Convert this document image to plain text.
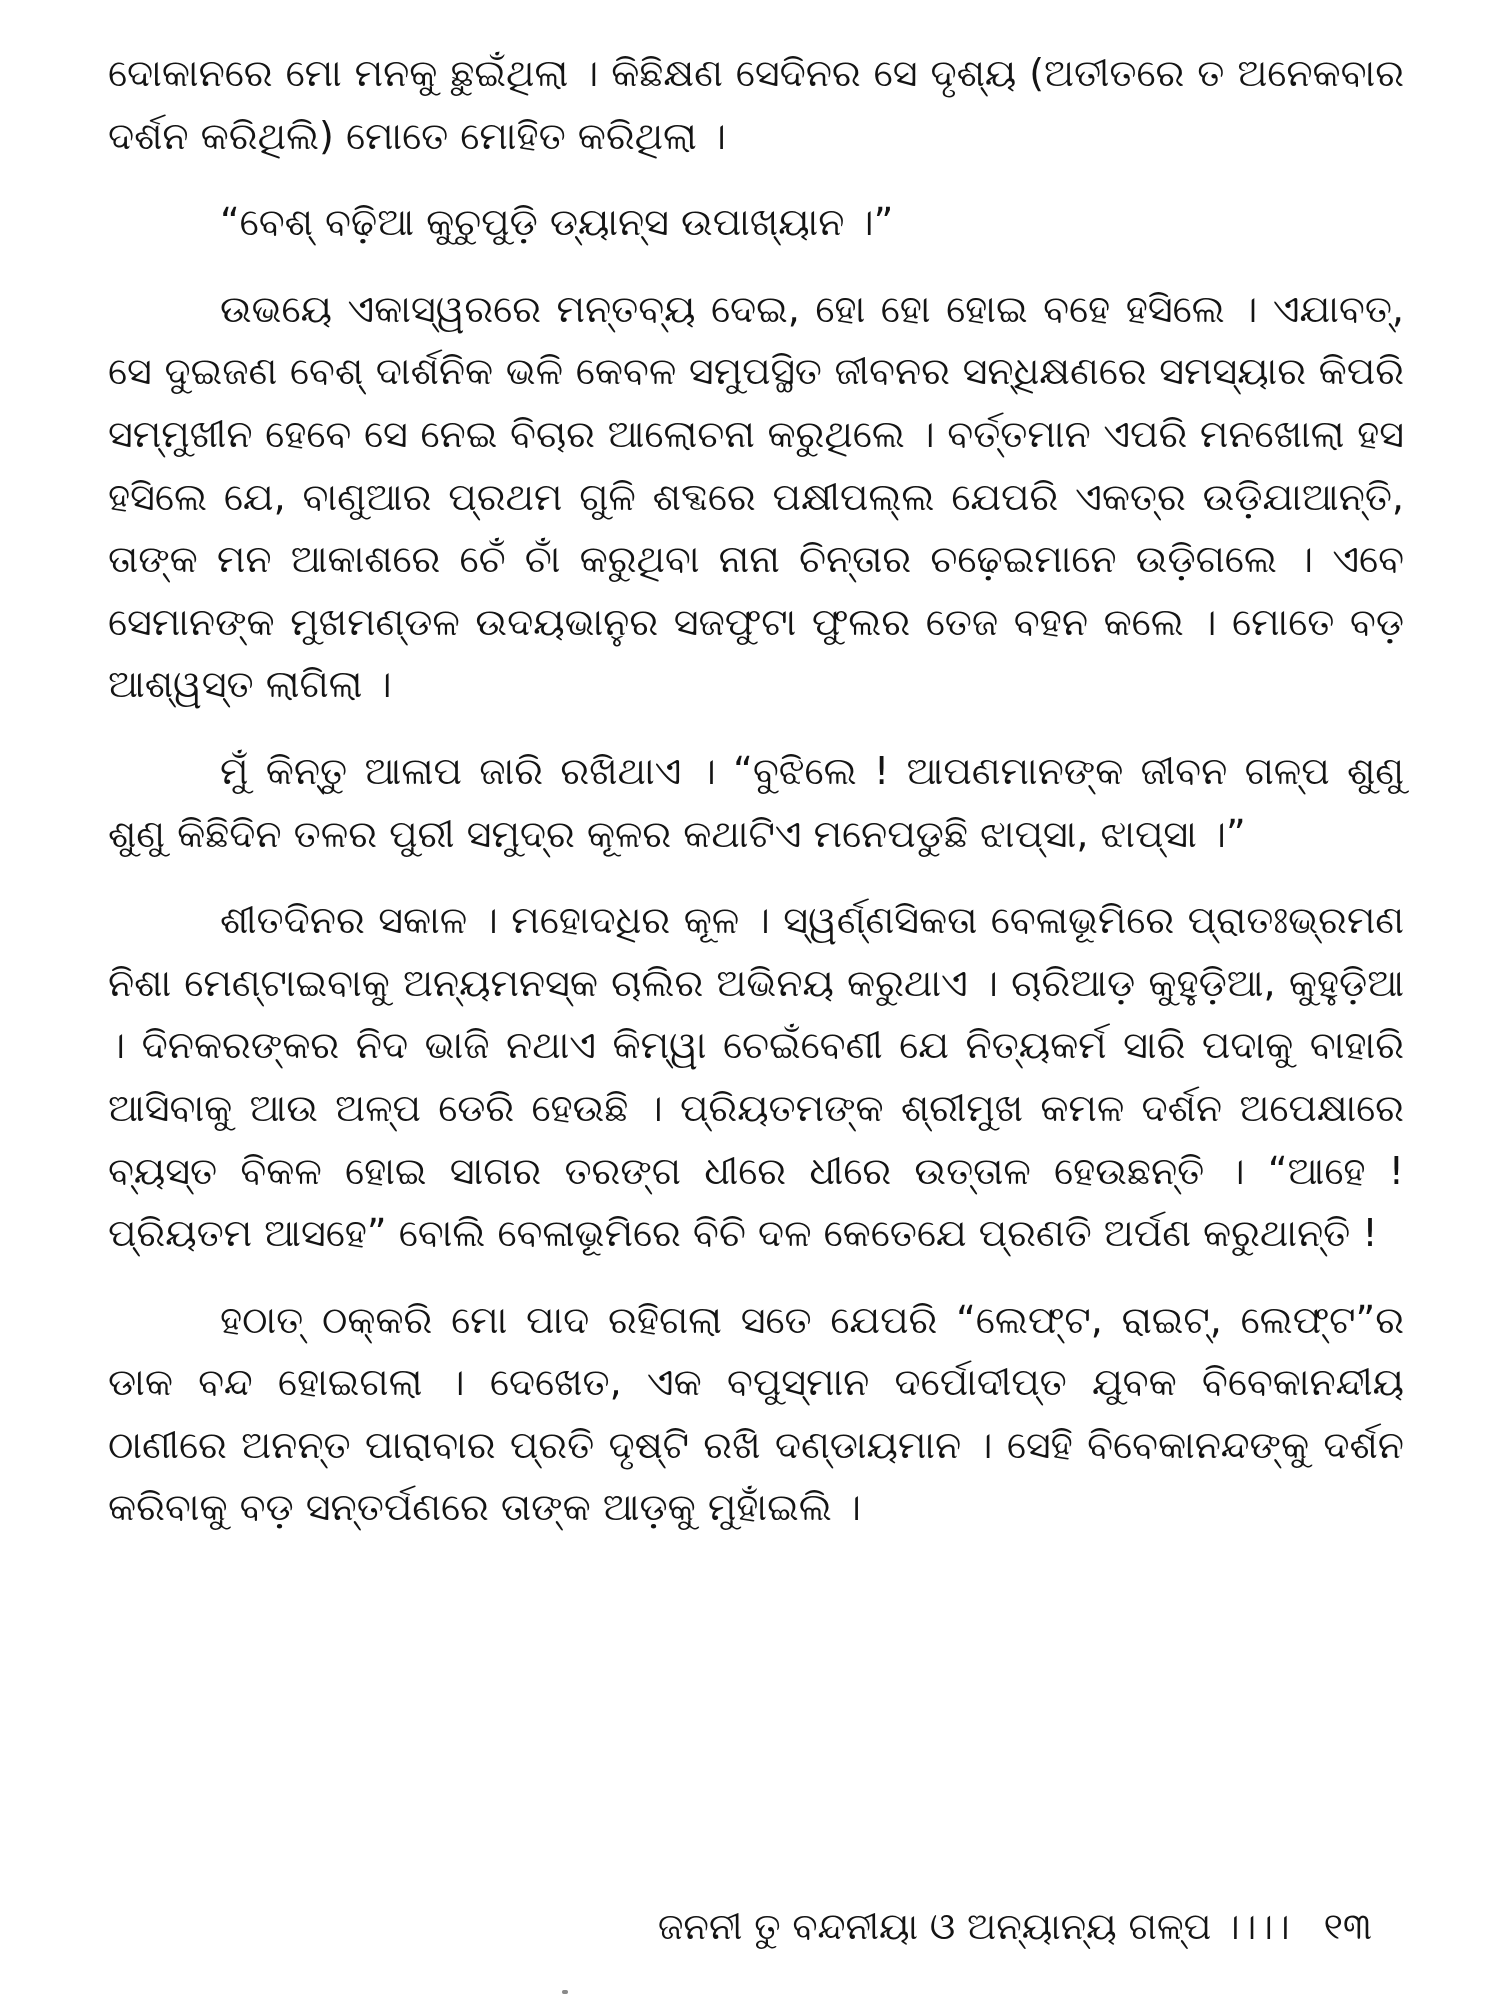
ଦୋକାନରେ ମୋ ମନକୁ ଛୁଇଁଥିଲା । କିଛିକ୍ଷଣ ସେଦିନର ସେ ଦୃଶ୍ୟ (ଅତୀତରେ ତ ଅନେକବାର ଦର୍ଶନ କରିଥିଲି) ମୋତେ ମୋହିତ କରିଥିଲା ।

“ବେଶ୍ ବଢ଼ିଆ କୁଚୁପୁଡ଼ି ଡ୍ୟାନ୍ସ ଉପାଖ୍ୟାନ ।”

ଉଭୟେ ଏକାସ୍ୱରରେ ମନ୍ତବ୍ୟ ଦେଇ, ହୋ ହୋ ହୋଇ ବହେ ହସିଲେ । ଏଯାବତ୍, ସେ ଦୁଇଜଣ ବେଶ୍ ଦାର୍ଶନିକ ଭଳି କେବଳ ସମୁପସ୍ଥିତ ଜୀବନର ସନ୍ଧିକ୍ଷଣରେ ସମସ୍ୟାର କିପରି ସମ୍ମୁଖୀନ ହେବେ ସେ ନେଇ ବିଚାର ଆଲୋଚନା କରୁଥିଲେ । ବର୍ତ୍ତମାନ ଏପରି ମନଖୋଲା ହସ ହସିଲେ ଯେ, ବାଣୁଆର ପ୍ରଥମ ଗୁଳି ଶବ୍ଦରେ ପକ୍ଷୀପଲ୍ଲ ଯେପରି ଏକତ୍ର ଉଡ଼ିଯାଆନ୍ତି, ତାଙ୍କ ମନ ଆକାଶରେ ଚେଁ ଚାଁ କରୁଥିବା ନାନା ଚିନ୍ତାର ଚଢ଼େଇମାନେ ଉଡ଼ିଗଲେ । ଏବେ ସେମାନଙ୍କ ମୁଖମଣ୍ଡଳ ଉଦୟଭାନୁର ସଜଫୁଟା ଫୁଲର ତେଜ ବହନ କଲେ । ମୋତେ ବଡ଼ ଆଶ୍ୱସ୍ତ ଲାଗିଲା ।

ମୁଁ କିନ୍ତୁ ଆଳାପ ଜାରି ରଖିଥାଏ । “ବୁଝିଲେ ! ଆପଣମାନଙ୍କ ଜୀବନ ଗଳ୍ପ ଶୁଣୁ ଶୁଣୁ କିଛିଦିନ ତଳର ପୁରୀ ସମୁଦ୍ର କୂଳର କଥାଟିଏ ମନେପଡୁଛି ଝାପ୍‌ସା, ଝାପ୍‌ସା ।”

ଶୀତଦିନର ସକାଳ । ମହୋଦଧିର କୂଳ । ସ୍ୱର୍ଣ୍ଣସିକତା ବେଳାଭୂମିରେ ପ୍ରାତଃଭ୍ରମଣ ନିଶା ମେଣ୍ଟାଇବାକୁ ଅନ୍ୟମନସ୍କ ଚାଲିର ଅଭିନୟ କରୁଥାଏ । ଚାରିଆଡ଼ କୁହୁଡ଼ିଆ, କୁହୁଡ଼ିଆ । ଦିନକରଙ୍କର ନିଦ ଭାଜି ନଥାଏ କିମ୍ୱା ଚେଇଁବେଣୀ ଯେ ନିତ୍ୟକର୍ମ ସାରି ପଦାକୁ ବାହାରି ଆସିବାକୁ ଆଉ ଅଳ୍ପ ଡେରି ହେଉଛି । ପ୍ରିୟତମଙ୍କ ଶ୍ରୀମୁଖ କମଳ ଦର୍ଶନ ଅପେକ୍ଷାରେ ବ୍ୟସ୍ତ ବିକଳ ହୋଇ ସାଗର ତରଙ୍ଗ ଧୀରେ ଧୀରେ ଉତ୍ତାଳ ହେଉଛନ୍ତି । “ଆହେ ! ପ୍ରିୟତମ ଆସହେ” ବୋଲି ବେଳାଭୂମିରେ ବିଚି ଦଳ କେତେଯେ ପ୍ରଣତି ଅର୍ପଣ କରୁଥାନ୍ତି !

ହଠାତ୍ ଠକ୍‌କରି ମୋ ପାଦ ରହିଗଲା ସତେ ଯେପରି “ଲେଫ୍ଟ, ରାଇଟ୍, ଲେଫ୍ଟ”ର ଡାକ ବନ୍ଦ ହୋଇଗଲା । ଦେଖେତ, ଏକ ବପୁସ୍ମାନ ଦର୍ପୋଦୀପ୍ତ ଯୁବକ ବିବେକାନନ୍ଦୀୟ ଠାଣୀରେ ଅନନ୍ତ ପାରାବାର ପ୍ରତି ଦୃଷ୍ଟି ରଖି ଦଣ୍ଡାୟମାନ । ସେହି ବିବେକାନନ୍ଦଙ୍କୁ ଦର୍ଶନ କରିବାକୁ ବଡ଼ ସନ୍ତର୍ପଣରେ ତାଙ୍କ ଆଡ଼କୁ ମୁହାଁଇଲି ।

ଜନନୀ ତୁ ବନ୍ଦନୀୟା ଓ ଅନ୍ୟାନ୍ୟ ଗଳ୍ପ ।।।। ୧୩
